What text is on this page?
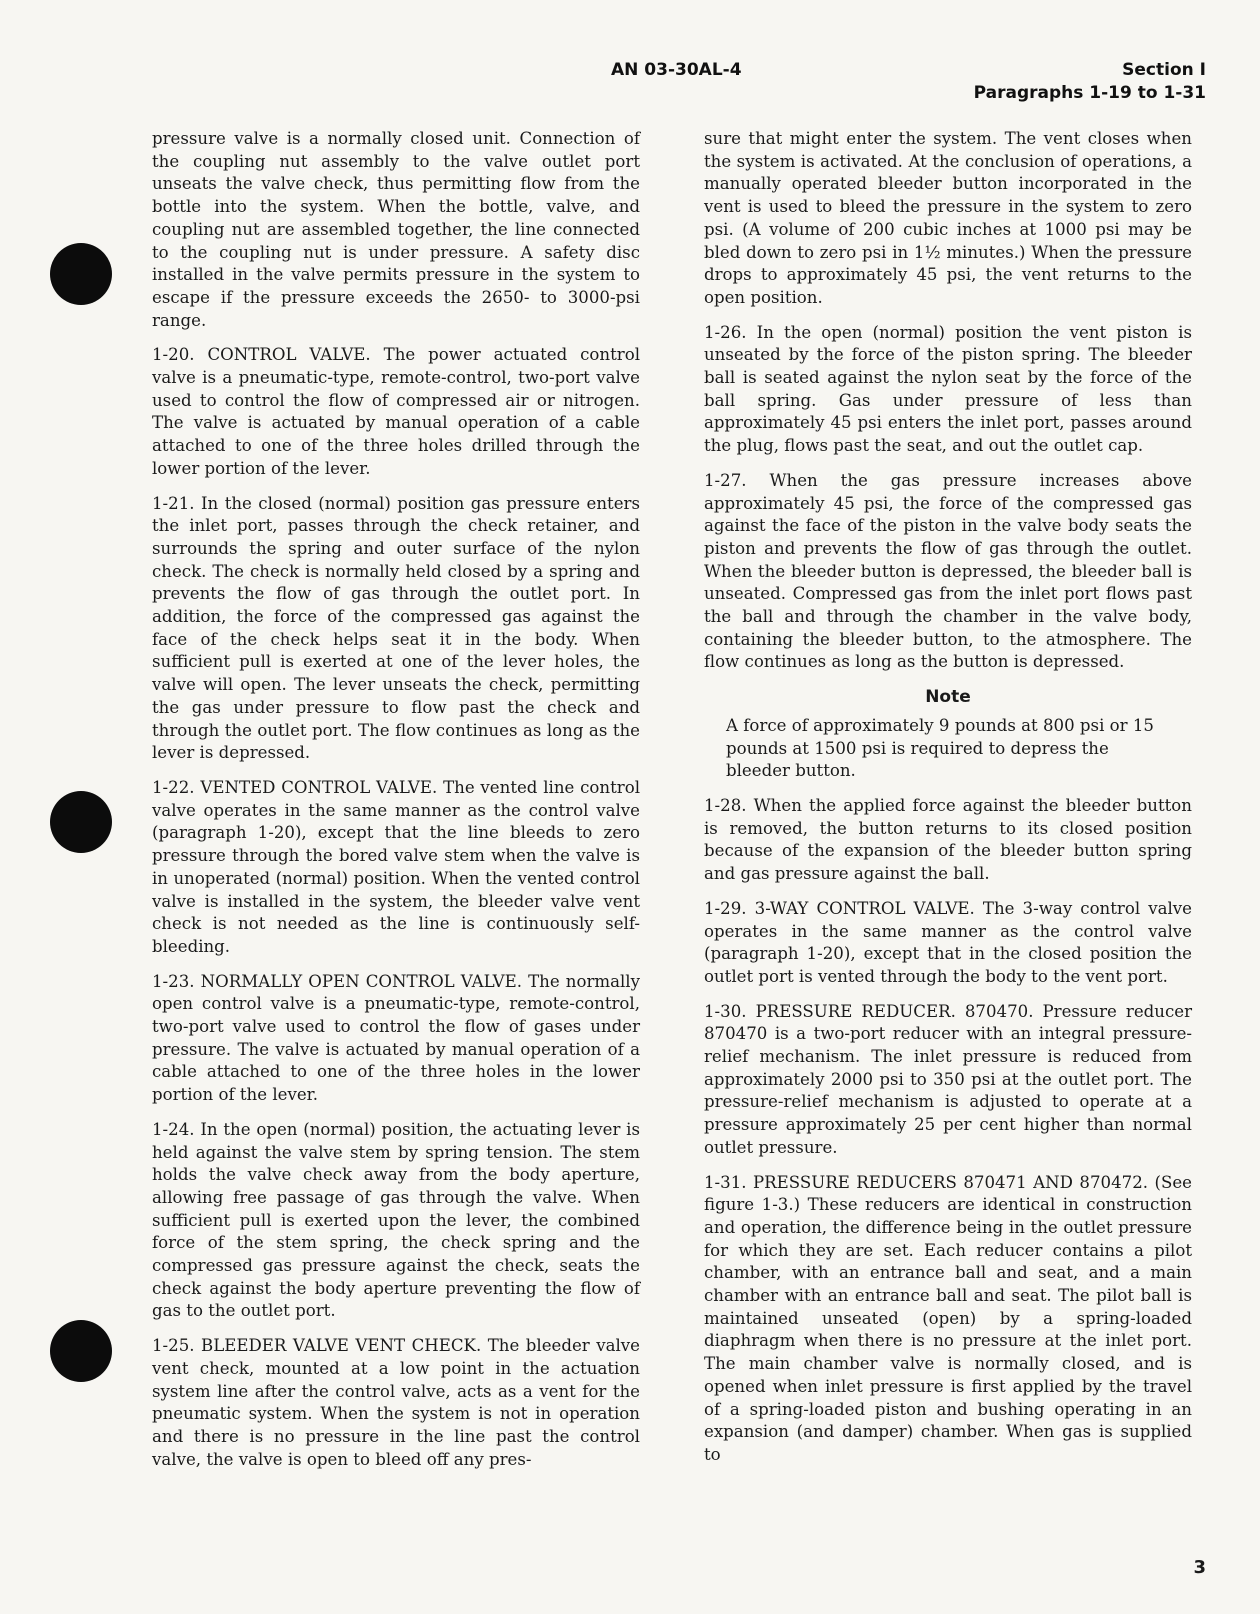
AN 03-30AL-4	Section I
Paragraphs 1-19 to 1-31

pressure valve is a normally closed unit. Connection of the coupling nut assembly to the valve outlet port unseats the valve check, thus permitting flow from the bottle into the system. When the bottle, valve, and coupling nut are assembled together, the line connected to the coupling nut is under pressure. A safety disc installed in the valve permits pressure in the system to escape if the pressure exceeds the 2650- to 3000-psi range.

1-20. CONTROL VALVE. The power actuated control valve is a pneumatic-type, remote-control, two-port valve used to control the flow of compressed air or nitrogen. The valve is actuated by manual operation of a cable attached to one of the three holes drilled through the lower portion of the lever.

1-21. In the closed (normal) position gas pressure enters the inlet port, passes through the check retainer, and surrounds the spring and outer surface of the nylon check. The check is normally held closed by a spring and prevents the flow of gas through the outlet port. In addition, the force of the compressed gas against the face of the check helps seat it in the body. When sufficient pull is exerted at one of the lever holes, the valve will open. The lever unseats the check, permitting the gas under pressure to flow past the check and through the outlet port. The flow continues as long as the lever is depressed.

1-22. VENTED CONTROL VALVE. The vented line control valve operates in the same manner as the control valve (paragraph 1-20), except that the line bleeds to zero pressure through the bored valve stem when the valve is in unoperated (normal) position. When the vented control valve is installed in the system, the bleeder valve vent check is not needed as the line is continuously self-bleeding.

1-23. NORMALLY OPEN CONTROL VALVE. The normally open control valve is a pneumatic-type, remote-control, two-port valve used to control the flow of gases under pressure. The valve is actuated by manual operation of a cable attached to one of the three holes in the lower portion of the lever.

1-24. In the open (normal) position, the actuating lever is held against the valve stem by spring tension. The stem holds the valve check away from the body aperture, allowing free passage of gas through the valve. When sufficient pull is exerted upon the lever, the combined force of the stem spring, the check spring and the compressed gas pressure against the check, seats the check against the body aperture preventing the flow of gas to the outlet port.

1-25. BLEEDER VALVE VENT CHECK. The bleeder valve vent check, mounted at a low point in the actuation system line after the control valve, acts as a vent for the pneumatic system. When the system is not in operation and there is no pressure in the line past the control valve, the valve is open to bleed off any pres-

sure that might enter the system. The vent closes when the system is activated. At the conclusion of operations, a manually operated bleeder button incorporated in the vent is used to bleed the pressure in the system to zero psi. (A volume of 200 cubic inches at 1000 psi may be bled down to zero psi in 1½ minutes.) When the pressure drops to approximately 45 psi, the vent returns to the open position.

1-26. In the open (normal) position the vent piston is unseated by the force of the piston spring. The bleeder ball is seated against the nylon seat by the force of the ball spring. Gas under pressure of less than approximately 45 psi enters the inlet port, passes around the plug, flows past the seat, and out the outlet cap.

1-27. When the gas pressure increases above approximately 45 psi, the force of the compressed gas against the face of the piston in the valve body seats the piston and prevents the flow of gas through the outlet. When the bleeder button is depressed, the bleeder ball is unseated. Compressed gas from the inlet port flows past the ball and through the chamber in the valve body, containing the bleeder button, to the atmosphere. The flow continues as long as the button is depressed.

Note

A force of approximately 9 pounds at 800 psi or 15 pounds at 1500 psi is required to depress the bleeder button.

1-28. When the applied force against the bleeder button is removed, the button returns to its closed position because of the expansion of the bleeder button spring and gas pressure against the ball.

1-29. 3-WAY CONTROL VALVE. The 3-way control valve operates in the same manner as the control valve (paragraph 1-20), except that in the closed position the outlet port is vented through the body to the vent port.

1-30. PRESSURE REDUCER. 870470. Pressure reducer 870470 is a two-port reducer with an integral pressure-relief mechanism. The inlet pressure is reduced from approximately 2000 psi to 350 psi at the outlet port. The pressure-relief mechanism is adjusted to operate at a pressure approximately 25 per cent higher than normal outlet pressure.

1-31. PRESSURE REDUCERS 870471 AND 870472. (See figure 1-3.) These reducers are identical in construction and operation, the difference being in the outlet pressure for which they are set. Each reducer contains a pilot chamber, with an entrance ball and seat, and a main chamber with an entrance ball and seat. The pilot ball is maintained unseated (open) by a spring-loaded diaphragm when there is no pressure at the inlet port. The main chamber valve is normally closed, and is opened when inlet pressure is first applied by the travel of a spring-loaded piston and bushing operating in an expansion (and damper) chamber. When gas is supplied to

3
